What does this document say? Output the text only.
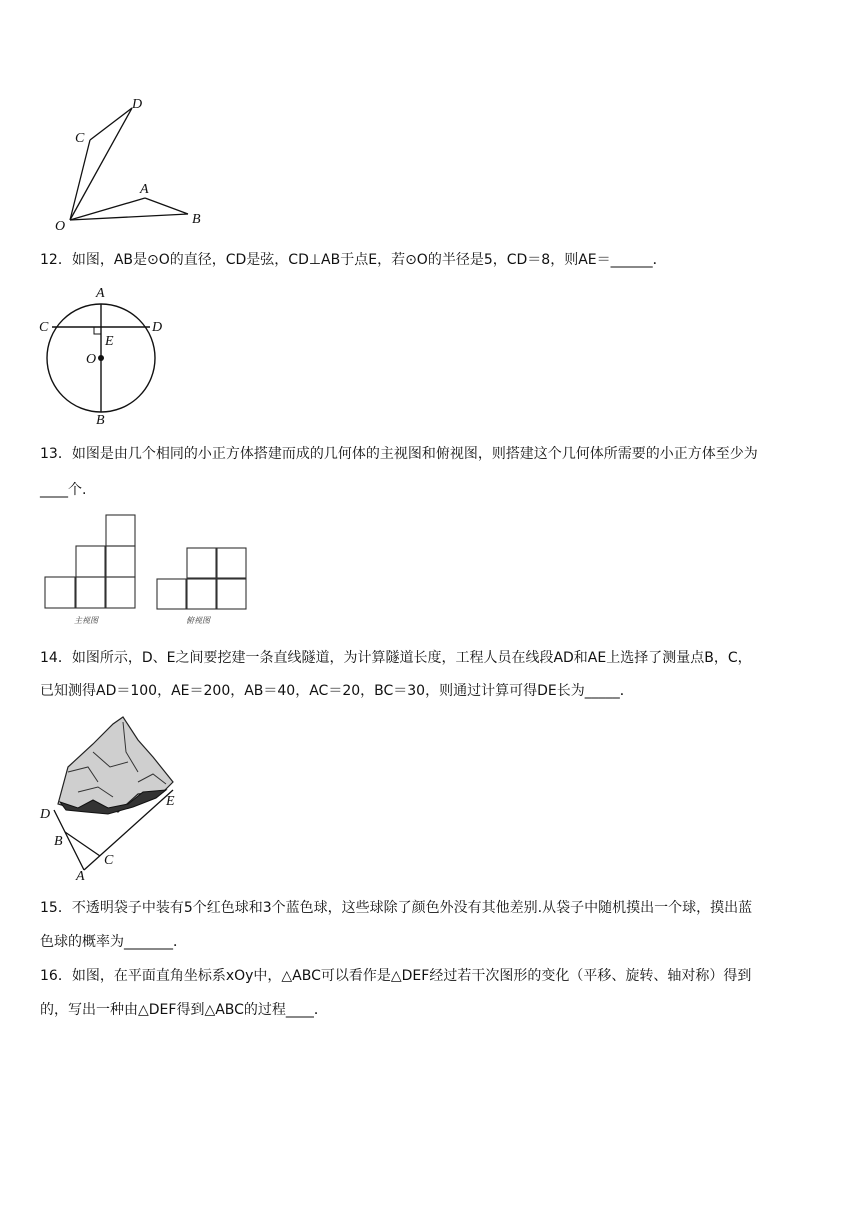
O
C
D
A
B
12．如图，AB是⊙O的直径，CD是弦，CD⊥AB于点E，若⊙O的半径是5，CD＝8，则AE＝______．
A
B
C	D
E
O
13．如图是由几个相同的小正方体搭建而成的几何体的主视图和俯视图，则搭建这个几何体所需要的小正方体至少为
____个.
主视图	俯视图
14．如图所示，D、E之间要挖建一条直线隧道，为计算隧道长度，工程人员在线段AD和AE上选择了测量点B，C，
已知测得AD＝100，AE＝200，AB＝40，AC＝20，BC＝30，则通过计算可得DE长为_____．
D
E
B
C
A
15．不透明袋子中装有5个红色球和3个蓝色球，这些球除了颜色外没有其他差别.从袋子中随机摸出一个球，摸出蓝
色球的概率为_______．
16．如图，在平面直角坐标系xOy中，△ABC可以看作是△DEF经过若干次图形的变化（平移、旋转、轴对称）得到
的，写出一种由△DEF得到△ABC的过程____．
